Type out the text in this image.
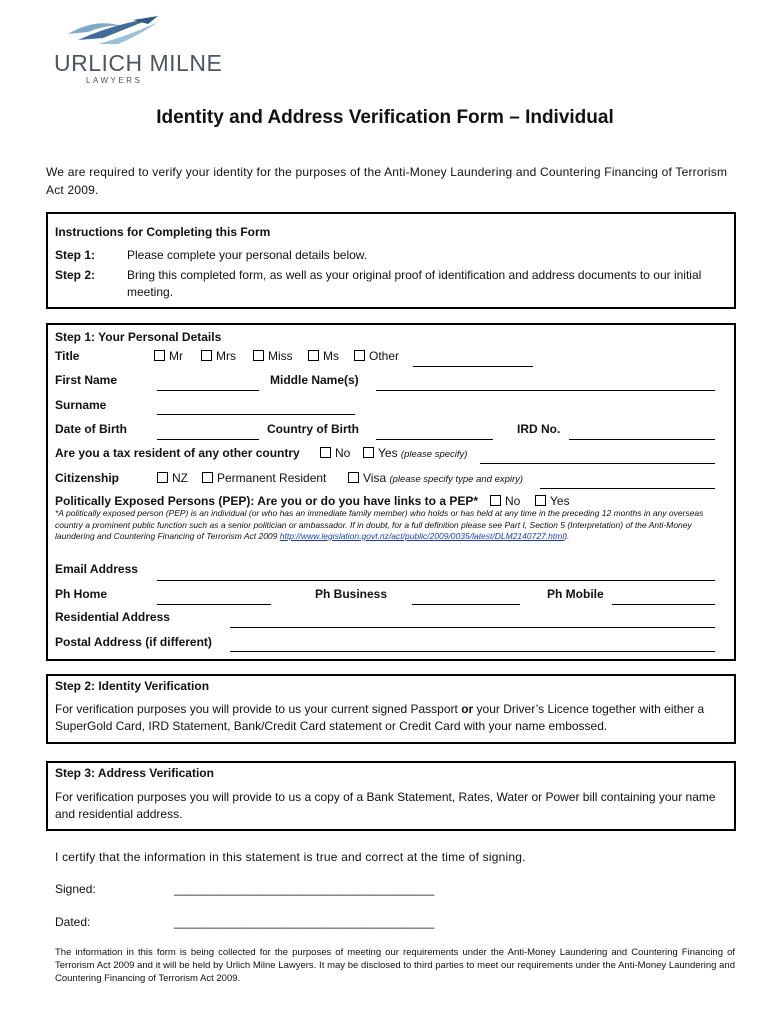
URLICH MILNE
LAWYERS
Identity and Address Verification Form – Individual
We are required to verify your identity for the purposes of the Anti-Money Laundering and Countering Financing of Terrorism Act 2009.
Instructions for Completing this Form
Step 1:	Please complete your personal details below.
Step 2:	Bring this completed form, as well as your original proof of identification and address documents to our initial meeting.
Step 1: Your Personal Details
Title	Mr	Mrs	Miss	Ms	Other
First Name	Middle Name(s)
Surname
Date of Birth	Country of Birth	IRD No.
Are you a tax resident of any other country	No	Yes (please specify)
Citizenship	NZ	Permanent Resident	Visa (please specify type and expiry)
Politically Exposed Persons (PEP): Are you or do you have links to a PEP*	No	Yes
*A politically exposed person (PEP) is an individual (or who has an immediate family member) who holds or has held at any time in the preceding 12 months in any overseas country a prominent public function such as a senior politician or ambassador. If in doubt, for a full definition please see Part I, Section 5 (Interpretation) of the Anti-Money laundering and Countering Financing of Terrorism Act 2009 http://www.legislation.govt.nz/act/public/2009/0035/latest/DLM2140727.html).
Email Address
Ph Home	Ph Business	Ph Mobile
Residential Address
Postal Address (if different)
Step 2: Identity Verification
For verification purposes you will provide to us your current signed Passport or your Driver’s Licence together with either a SuperGold Card, IRD Statement, Bank/Credit Card statement or Credit Card with your name embossed.
Step 3: Address Verification
For verification purposes you will provide to us a copy of a Bank Statement, Rates, Water or Power bill containing your name and residential address.
I certify that the information in this statement is true and correct at the time of signing.
Signed:	_______________________________________
Dated:	_______________________________________
The information in this form is being collected for the purposes of meeting our requirements under the Anti-Money Laundering and Countering Financing of Terrorism Act 2009 and it will be held by Urlich Milne Lawyers. It may be disclosed to third parties to meet our requirements under the Anti-Money Laundering and Countering Financing of Terrorism Act 2009.
